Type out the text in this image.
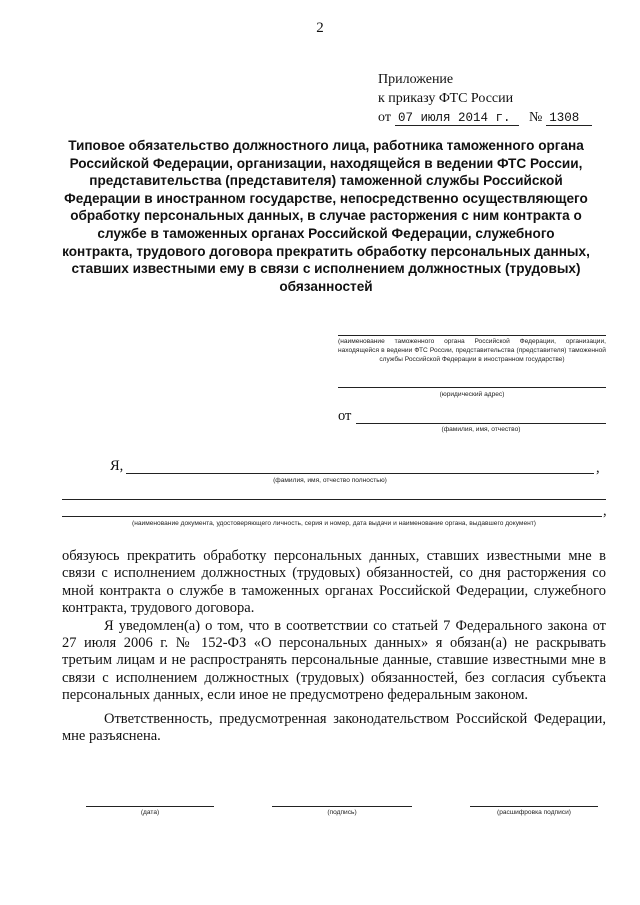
2
Приложение
к приказу ФТС России
от 07 июля 2014 г.	№ 1308
Типовое обязательство должностного лица, работника таможенного органа Российской Федерации, организации, находящейся в ведении ФТС России, представительства (представителя) таможенной службы Российской Федерации в иностранном государстве, непосредственно осуществляющего обработку персональных данных, в случае расторжения с ним контракта о службе в таможенных органах Российской Федерации, служебного контракта, трудового договора прекратить обработку персональных данных, ставших известными ему в связи с исполнением должностных (трудовых) обязанностей
(наименование таможенного органа Российской Федерации, организации, находящейся в ведении ФТС России, представительства (представителя) таможенной службы Российской Федерации в иностранном государстве)
(юридический адрес)
от
(фамилия, имя, отчество)
Я,	,
(фамилия, имя, отчество полностью)
,
(наименование документа, удостоверяющего личность, серия и номер, дата выдачи и наименование органа, выдавшего документ)

обязуюсь прекратить обработку персональных данных, ставших известными мне в связи с исполнением должностных (трудовых) обязанностей, со дня расторжения со мной контракта о службе в таможенных органах Российской Федерации, служебного контракта, трудового договора.

Я уведомлен(а) о том, что в соответствии со статьей 7 Федерального закона от 27 июля 2006 г. № 152-ФЗ «О персональных данных» я обязан(а) не раскрывать третьим лицам и не распространять персональные данные, ставшие известными мне в связи с исполнением должностных (трудовых) обязанностей, без согласия субъекта персональных данных, если иное не предусмотрено федеральным законом.

Ответственность, предусмотренная законодательством Российской Федерации, мне разъяснена.

(дата)	(подпись)	(расшифровка подписи)
